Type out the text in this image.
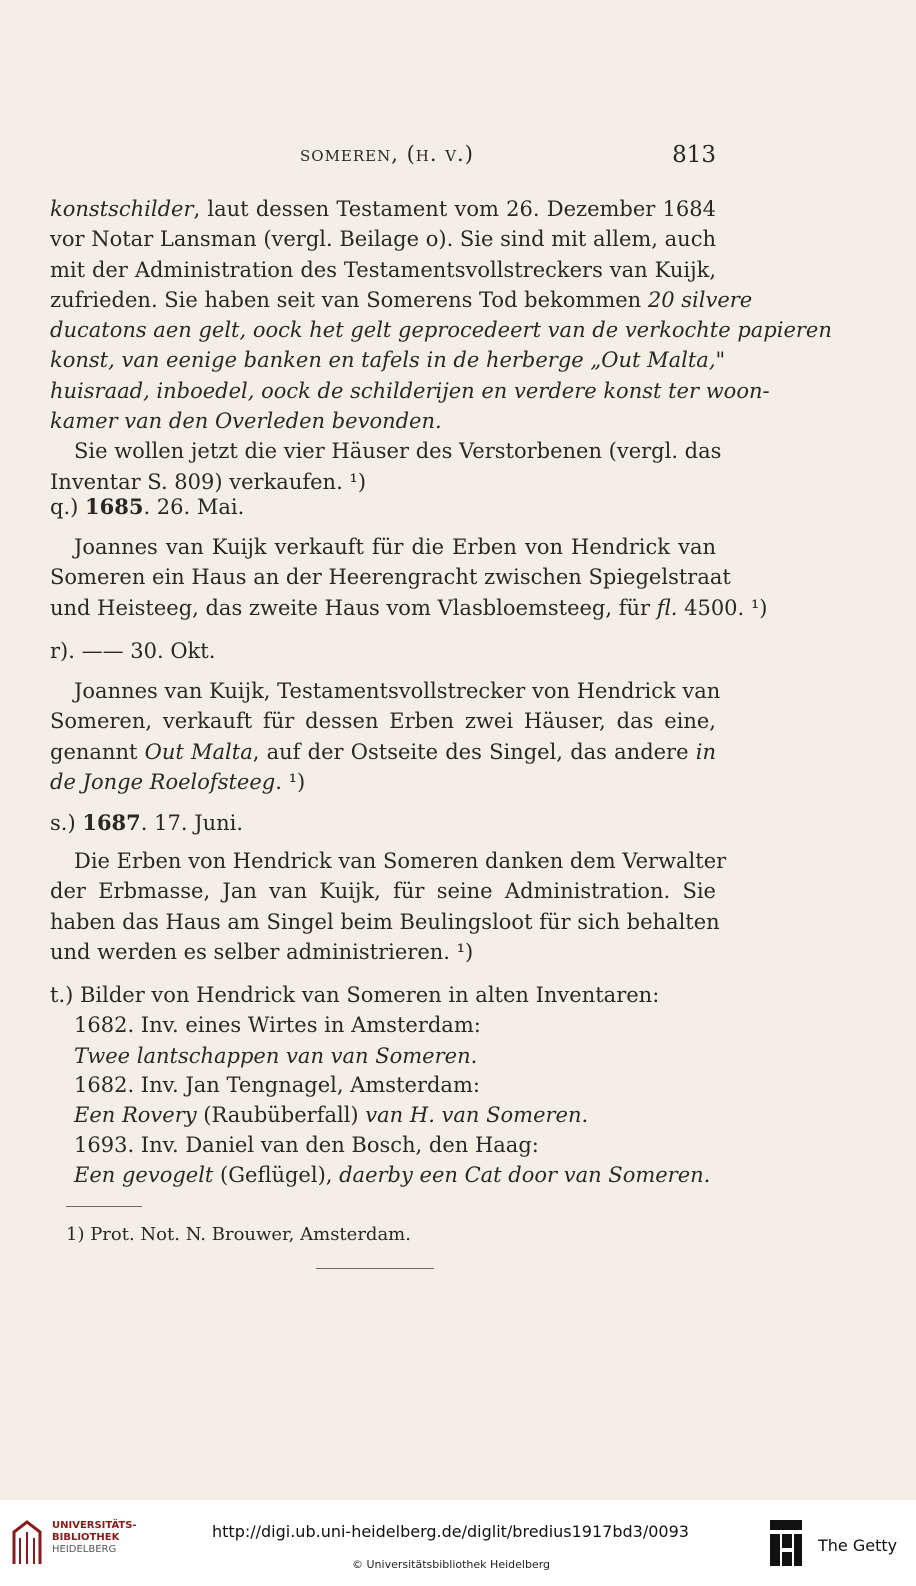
someren, (h. v.)	813
konstschilder, laut dessen Testament vom 26. Dezember 1684
vor Notar Lansman (vergl. Beilage o). Sie sind mit allem, auch
mit der Administration des Testamentsvollstreckers van Kuijk,
zufrieden. Sie haben seit van Somerens Tod bekommen 20 silvere
ducatons aen gelt, oock het gelt geprocedeert van de verkochte papieren
konst, van eenige banken en tafels in de herberge „Out Malta,"
huisraad, inboedel, oock de schilderijen en verdere konst ter woon-
kamer van den Overleden bevonden.
Sie wollen jetzt die vier Häuser des Verstorbenen (vergl. das
Inventar S. 809) verkaufen. ¹)
q.) 1685. 26. Mai.
Joannes van Kuijk verkauft für die Erben von Hendrick van
Someren ein Haus an der Heerengracht zwischen Spiegelstraat
und Heisteeg, das zweite Haus vom Vlasbloemsteeg, für fl. 4500. ¹)
r). —— 30. Okt.
Joannes van Kuijk, Testamentsvollstrecker von Hendrick van
Someren, verkauft für dessen Erben zwei Häuser, das eine,
genannt Out Malta, auf der Ostseite des Singel, das andere in
de Jonge Roelofsteeg. ¹)
s.) 1687. 17. Juni.
Die Erben von Hendrick van Someren danken dem Verwalter
der Erbmasse, Jan van Kuijk, für seine Administration. Sie
haben das Haus am Singel beim Beulingsloot für sich behalten
und werden es selber administrieren. ¹)
t.) Bilder von Hendrick van Someren in alten Inventaren:
1682. Inv. eines Wirtes in Amsterdam:
Twee lantschappen van van Someren.
1682. Inv. Jan Tengnagel, Amsterdam:
Een Rovery (Raubüberfall) van H. van Someren.
1693. Inv. Daniel van den Bosch, den Haag:
Een gevogelt (Geflügel), daerby een Cat door van Someren.
1) Prot. Not. N. Brouwer, Amsterdam.
UNIVERSITÄTS-
BIBLIOTHEK
HEIDELBERG
http://digi.ub.uni-heidelberg.de/diglit/bredius1917bd3/0093
© Universitätsbibliothek Heidelberg
The Getty
